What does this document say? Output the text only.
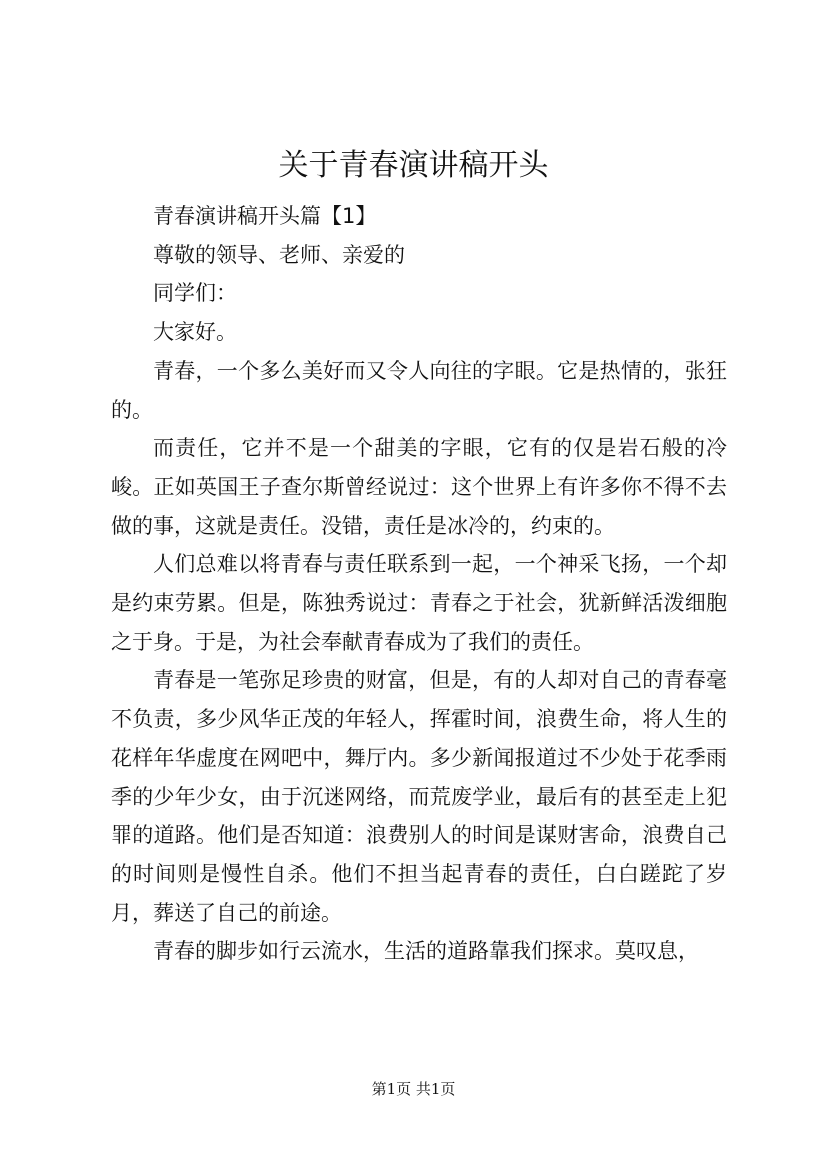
关于青春演讲稿开头

青春演讲稿开头篇【1】

尊敬的领导、老师、亲爱的

同学们：

大家好。

青春，一个多么美好而又令人向往的字眼。它是热情的，张狂的。

而责任，它并不是一个甜美的字眼，它有的仅是岩石般的冷峻。正如英国王子查尔斯曾经说过：这个世界上有许多你不得不去做的事，这就是责任。没错，责任是冰冷的，约束的。

人们总难以将青春与责任联系到一起，一个神采飞扬，一个却是约束劳累。但是，陈独秀说过：青春之于社会，犹新鲜活泼细胞之于身。于是，为社会奉献青春成为了我们的责任。

青春是一笔弥足珍贵的财富，但是，有的人却对自己的青春毫不负责，多少风华正茂的年轻人，挥霍时间，浪费生命，将人生的花样年华虚度在网吧中，舞厅内。多少新闻报道过不少处于花季雨季的少年少女，由于沉迷网络，而荒废学业，最后有的甚至走上犯罪的道路。他们是否知道：浪费别人的时间是谋财害命，浪费自己的时间则是慢性自杀。他们不担当起青春的责任，白白蹉跎了岁月，葬送了自己的前途。

青春的脚步如行云流水，生活的道路靠我们探求。莫叹息，

第1页 共1页
